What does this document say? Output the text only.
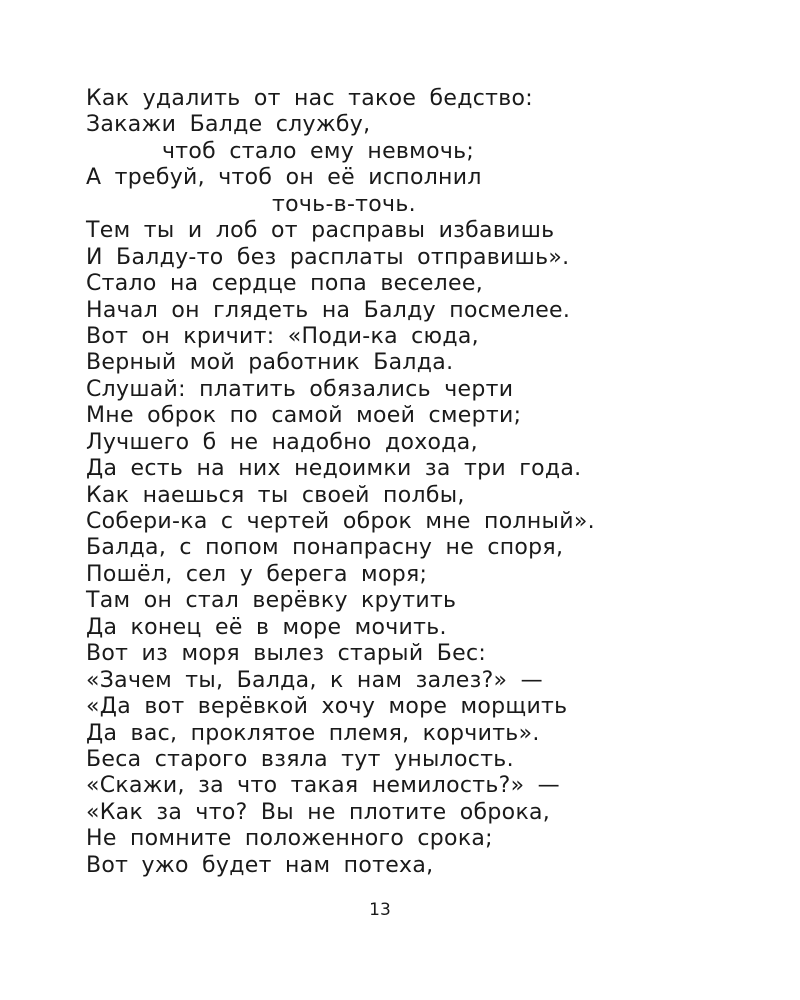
Как удалить от нас такое бедство:
Закажи Балде службу,
чтоб стало ему невмочь;
А требуй, чтоб он её исполнил
точь-в-точь.
Тем ты и лоб от расправы избавишь
И Балду-то без расплаты отправишь».
Стало на сердце попа веселее,
Начал он глядеть на Балду посмелее.
Вот он кричит: «Поди-ка сюда,
Верный мой работник Балда.
Слушай: платить обязались черти
Мне оброк по самой моей смерти;
Лучшего б не надобно дохода,
Да есть на них недоимки за три года.
Как наешься ты своей полбы,
Собери-ка с чертей оброк мне полный».
Балда, с попом понапрасну не споря,
Пошёл, сел у берега моря;
Там он стал верёвку крутить
Да конец её в море мочить.
Вот из моря вылез старый Бес:
«Зачем ты, Балда, к нам залез?» —
«Да вот верёвкой хочу море морщить
Да вас, проклятое племя, корчить».
Беса старого взяла тут унылость.
«Скажи, за что такая немилость?» —
«Как за что? Вы не плотите оброка,
Не помните положенного срока;
Вот ужо будет нам потеха,
13
